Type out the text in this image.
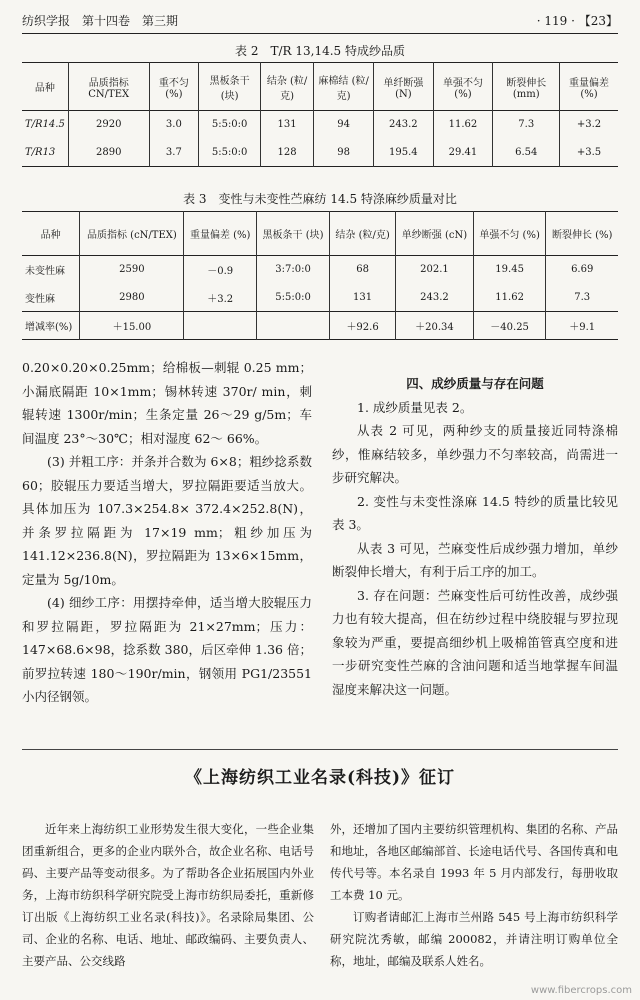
纺织学报　第十四卷　第三期	· 119 · 【23】
表 2　T/R 13,14.5 特成纱品质
品种	品质指标 CN/TEX	重不匀 (%)	黑板条干 (块)	结杂 (粒/克)	麻棉结 (粒/克)	单纤断强 (N)	单强不匀 (%)	断裂伸长 (mm)	重量偏差 (%)
T/R14.5	2920	3.0	5:5:0:0	131	94	243.2	11.62	7.3	+3.2
T/R13	2890	3.7	5:5:0:0	128	98	195.4	29.41	6.54	+3.5
表 3　变性与未变性苎麻纺 14.5 特涤麻纱质量对比
品种	品质指标 (cN/TEX)	重量偏差 (%)	黑板条干 (块)	结杂 (粒/克)	单纱断强 (cN)	单强不匀 (%)	断裂伸长 (%)
未变性麻	2590	－0.9	3:7:0:0	68	202.1	19.45	6.69
变性麻	2980	＋3.2	5:5:0:0	131	243.2	11.62	7.3
增减率(%)	＋15.00			＋92.6	＋20.34	－40.25	＋9.1

0.20×0.20×0.25mm；给棉板—刺辊 0.25 mm；小漏底隔距 10×1mm；锡林转速 370r/ min，刺辊转速 1300r/min；生条定量 26～29 g/5m；车间温度 23°～30℃；相对湿度 62～ 66%。

(3) 并粗工序：并条并合数为 6×8；粗纱捻系数 60；胶辊压力要适当增大，罗拉隔距要适当放大。具体加压为 107.3×254.8× 372.4×252.8(N)，并条罗拉隔距为 17×19 mm；粗纱加压为 141.12×236.8(N)，罗拉隔距为 13×6×15mm，定量为 5g/10m。

(4) 细纱工序：用摆持牵伸，适当增大胶辊压力和罗拉隔距，罗拉隔距为 21×27mm；压力：147×68.6×98，捻系数 380，后区牵伸 1.36 倍；前罗拉转速 180～190r/min，钢领用 PG1/23551 小内径钢领。

四、成纱质量与存在问题

1. 成纱质量见表 2。

从表 2 可见，两种纱支的质量接近同特涤棉纱，惟麻结较多，单纱强力不匀率较高，尚需进一步研究解决。

2. 变性与未变性涤麻 14.5 特纱的质量比较见表 3。

从表 3 可见，苎麻变性后成纱强力增加，单纱断裂伸长增大，有利于后工序的加工。

3. 存在问题：苎麻变性后可纺性改善，成纱强力也有较大提高，但在纺纱过程中绕胶辊与罗拉现象较为严重，要提高细纱机上吸棉笛管真空度和进一步研究变性苎麻的含油问题和适当地掌握车间温湿度来解决这一问题。

《上海纺织工业名录(科技)》征订

近年来上海纺织工业形势发生很大变化，一些企业集团重新组合，更多的企业内联外合，故企业名称、电话号码、主要产品等变动很多。为了帮助各企业拓展国内外业务，上海市纺织科学研究院受上海市纺织局委托，重新修订出版《上海纺织工业名录(科技)》。名录除局集团、公司、企业的名称、电话、地址、邮政编码、主要负责人、主要产品、公交线路

外，还增加了国内主要纺织管理机构、集团的名称、产品和地址，各地区邮编部首、长途电话代号、各国传真和电传代号等。本名录自 1993 年 5 月内部发行，每册收取工本费 10 元。

订购者请邮汇上海市兰州路 545 号上海市纺织科学研究院沈秀敏，邮编 200082，并请注明订购单位全称，地址，邮编及联系人姓名。

www.fibercrops.com
